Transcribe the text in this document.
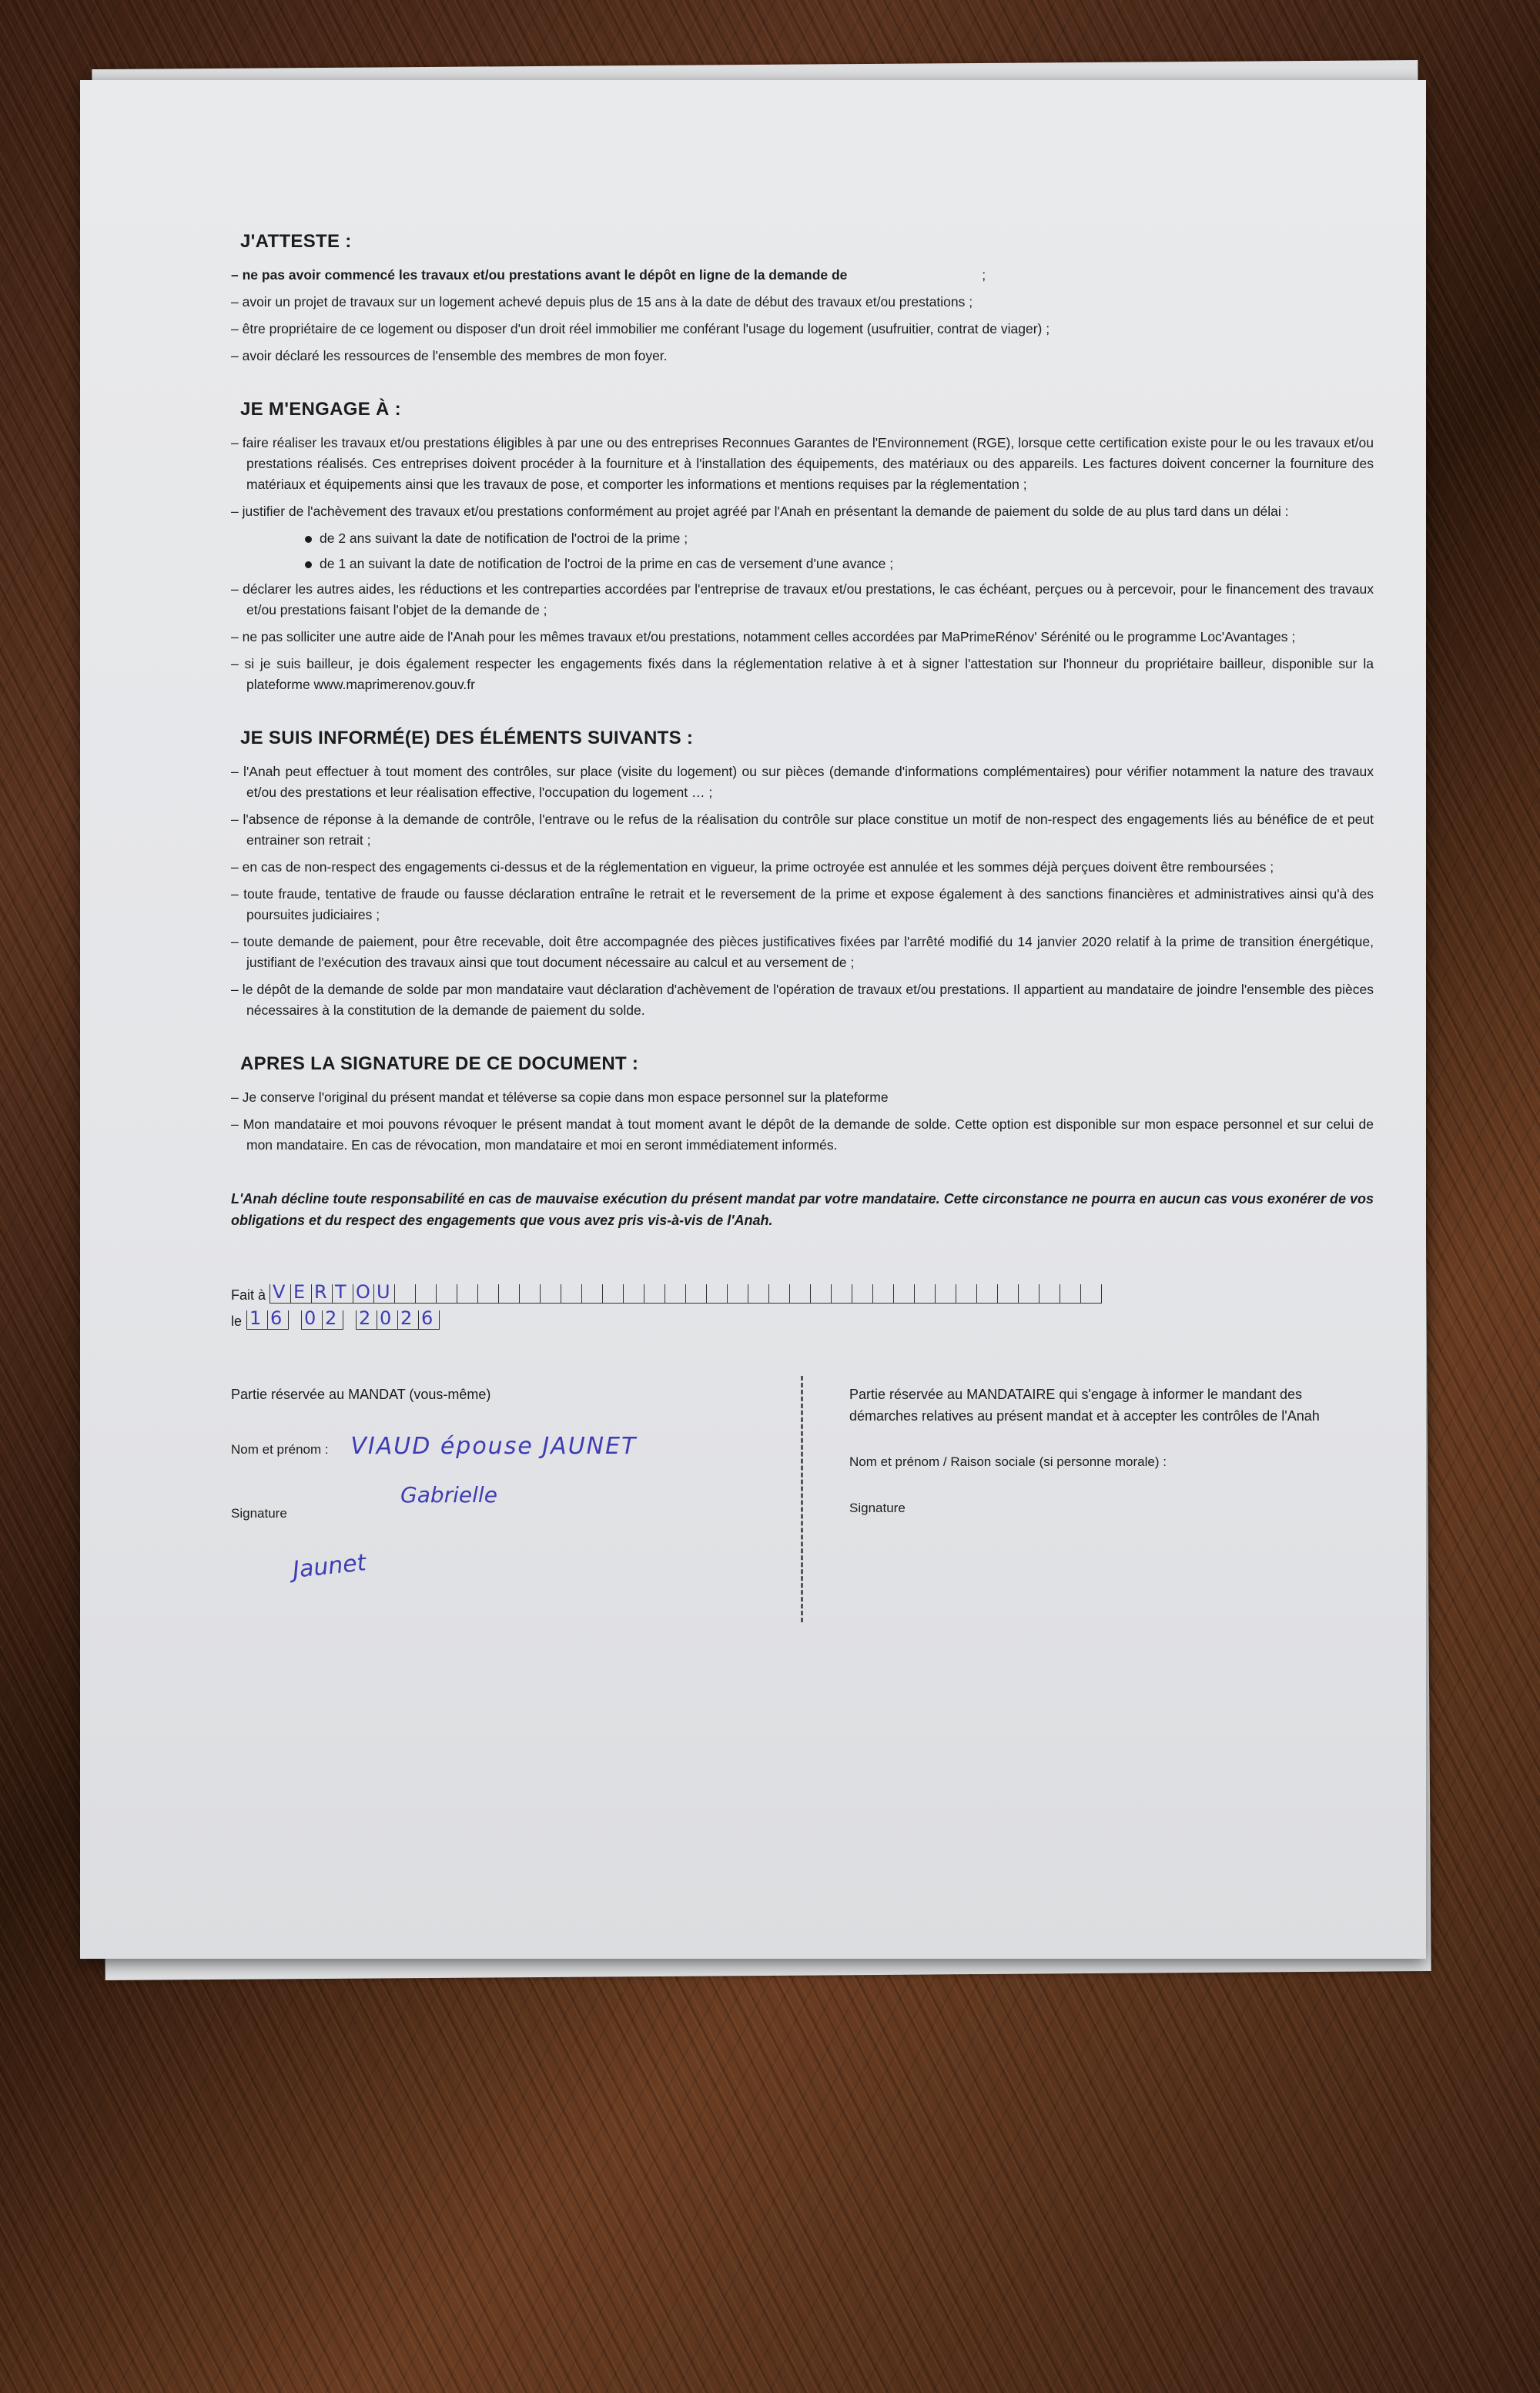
J'ATTESTE :

– ne pas avoir commencé les travaux et/ou prestations avant le dépôt en ligne de la demande de	;

– avoir un projet de travaux sur un logement achevé depuis plus de 15 ans à la date de début des travaux et/ou prestations ;

– être propriétaire de ce logement ou disposer d'un droit réel immobilier me conférant l'usage du logement (usufruitier, contrat de viager) ;

– avoir déclaré les ressources de l'ensemble des membres de mon foyer.

JE M'ENGAGE À :

– faire réaliser les travaux et/ou prestations éligibles à par une ou des entreprises Reconnues Garantes de l'Environnement (RGE), lorsque cette certification existe pour le ou les travaux et/ou prestations réalisés. Ces entreprises doivent procéder à la fourniture et à l'installation des équipements, des matériaux ou des appareils. Les factures doivent concerner la fourniture des matériaux et équipements ainsi que les travaux de pose, et comporter les informations et mentions requises par la réglementation ;

– justifier de l'achèvement des travaux et/ou prestations conformément au projet agréé par l'Anah en présentant la demande de paiement du solde de au plus tard dans un délai :

de 2 ans suivant la date de notification de l'octroi de la prime ;

de 1 an suivant la date de notification de l'octroi de la prime en cas de versement d'une avance ;

– déclarer les autres aides, les réductions et les contreparties accordées par l'entreprise de travaux et/ou prestations, le cas échéant, perçues ou à percevoir, pour le financement des travaux et/ou prestations faisant l'objet de la demande de ;

– ne pas solliciter une autre aide de l'Anah pour les mêmes travaux et/ou prestations, notamment celles accordées par MaPrimeRénov' Sérénité ou le programme Loc'Avantages ;

– si je suis bailleur, je dois également respecter les engagements fixés dans la réglementation relative à et à signer l'attestation sur l'honneur du propriétaire bailleur, disponible sur la plateforme www.maprimerenov.gouv.fr

JE SUIS INFORMÉ(E) DES ÉLÉMENTS SUIVANTS :

– l'Anah peut effectuer à tout moment des contrôles, sur place (visite du logement) ou sur pièces (demande d'informations complémentaires) pour vérifier notamment la nature des travaux et/ou des prestations et leur réalisation effective, l'occupation du logement … ;

– l'absence de réponse à la demande de contrôle, l'entrave ou le refus de la réalisation du contrôle sur place constitue un motif de non-respect des engagements liés au bénéfice de et peut entrainer son retrait ;

– en cas de non-respect des engagements ci-dessus et de la réglementation en vigueur, la prime octroyée est annulée et les sommes déjà perçues doivent être remboursées ;

– toute fraude, tentative de fraude ou fausse déclaration entraîne le retrait et le reversement de la prime et expose également à des sanctions financières et administratives ainsi qu'à des poursuites judiciaires ;

– toute demande de paiement, pour être recevable, doit être accompagnée des pièces justificatives fixées par l'arrêté modifié du 14 janvier 2020 relatif à la prime de transition énergétique, justifiant de l'exécution des travaux ainsi que tout document nécessaire au calcul et au versement de ;

– le dépôt de la demande de solde par mon mandataire vaut déclaration d'achèvement de l'opération de travaux et/ou prestations. Il appartient au mandataire de joindre l'ensemble des pièces nécessaires à la constitution de la demande de paiement du solde.

APRES LA SIGNATURE DE CE DOCUMENT :

– Je conserve l'original du présent mandat et téléverse sa copie dans mon espace personnel sur la plateforme

– Mon mandataire et moi pouvons révoquer le présent mandat à tout moment avant le dépôt de la demande de solde. Cette option est disponible sur mon espace personnel et sur celui de mon mandataire. En cas de révocation, mon mandataire et moi en seront immédiatement informés.

L'Anah décline toute responsabilité en cas de mauvaise exécution du présent mandat par votre mandataire. Cette circonstance ne pourra en aucun cas vous exonérer de vos obligations et du respect des engagements que vous avez pris vis-à-vis de l'Anah.

Fait à V E R T O U
le 1 6 0 2 2 0 2 6
Partie réservée au MANDAT (vous-même)
Nom et prénom : VIAUD épouse JAUNET
Gabrielle
Signature
Jaunet
Partie réservée au MANDATAIRE qui s'engage à informer le mandant des démarches relatives au présent mandat et à accepter les contrôles de l'Anah
Nom et prénom / Raison sociale (si personne morale) :
Signature
